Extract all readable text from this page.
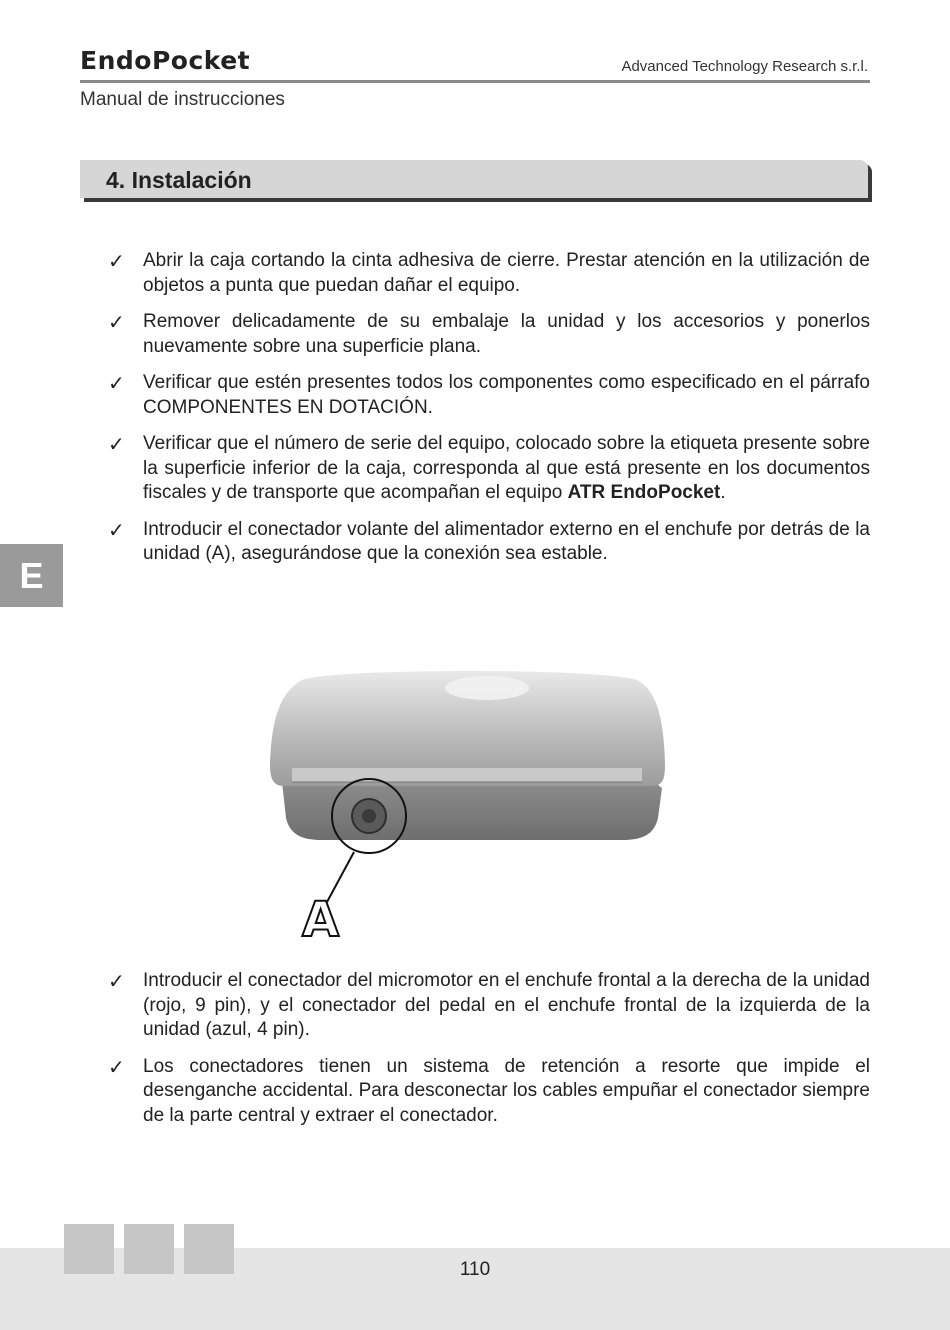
EndoPocket	Advanced Technology Research s.r.l.
Manual de instrucciones
4. Instalación
✓ Abrir la caja cortando la cinta adhesiva de cierre. Prestar atención en la utilización de objetos a punta que puedan dañar el equipo.
✓ Remover delicadamente de su embalaje la unidad y los accesorios y ponerlos nuevamente sobre una superficie plana.
✓ Verificar que estén presentes todos los componentes como especificado en el párrafo COMPONENTES EN DOTACIÓN.
✓ Verificar que el número de serie del equipo, colocado sobre la etiqueta presente sobre la superficie inferior de la caja, corresponda al que está presente en los documentos fiscales y de transporte que acompañan el equipo ATR EndoPocket.
✓ Introducir el conectador volante del alimentador externo en el enchufe por detrás de la unidad (A), asegurándose que la conexión sea estable.
E
A
✓ Introducir el conectador del micromotor en el enchufe frontal a la derecha de la unidad (rojo, 9 pin), y el conectador del pedal en el enchufe frontal de la izquierda de la unidad (azul, 4 pin).
✓ Los conectadores tienen un sistema de retención a resorte que impide el desenganche accidental. Para desconectar los cables empuñar el conectador siempre de la parte central y extraer el conectador.
110
